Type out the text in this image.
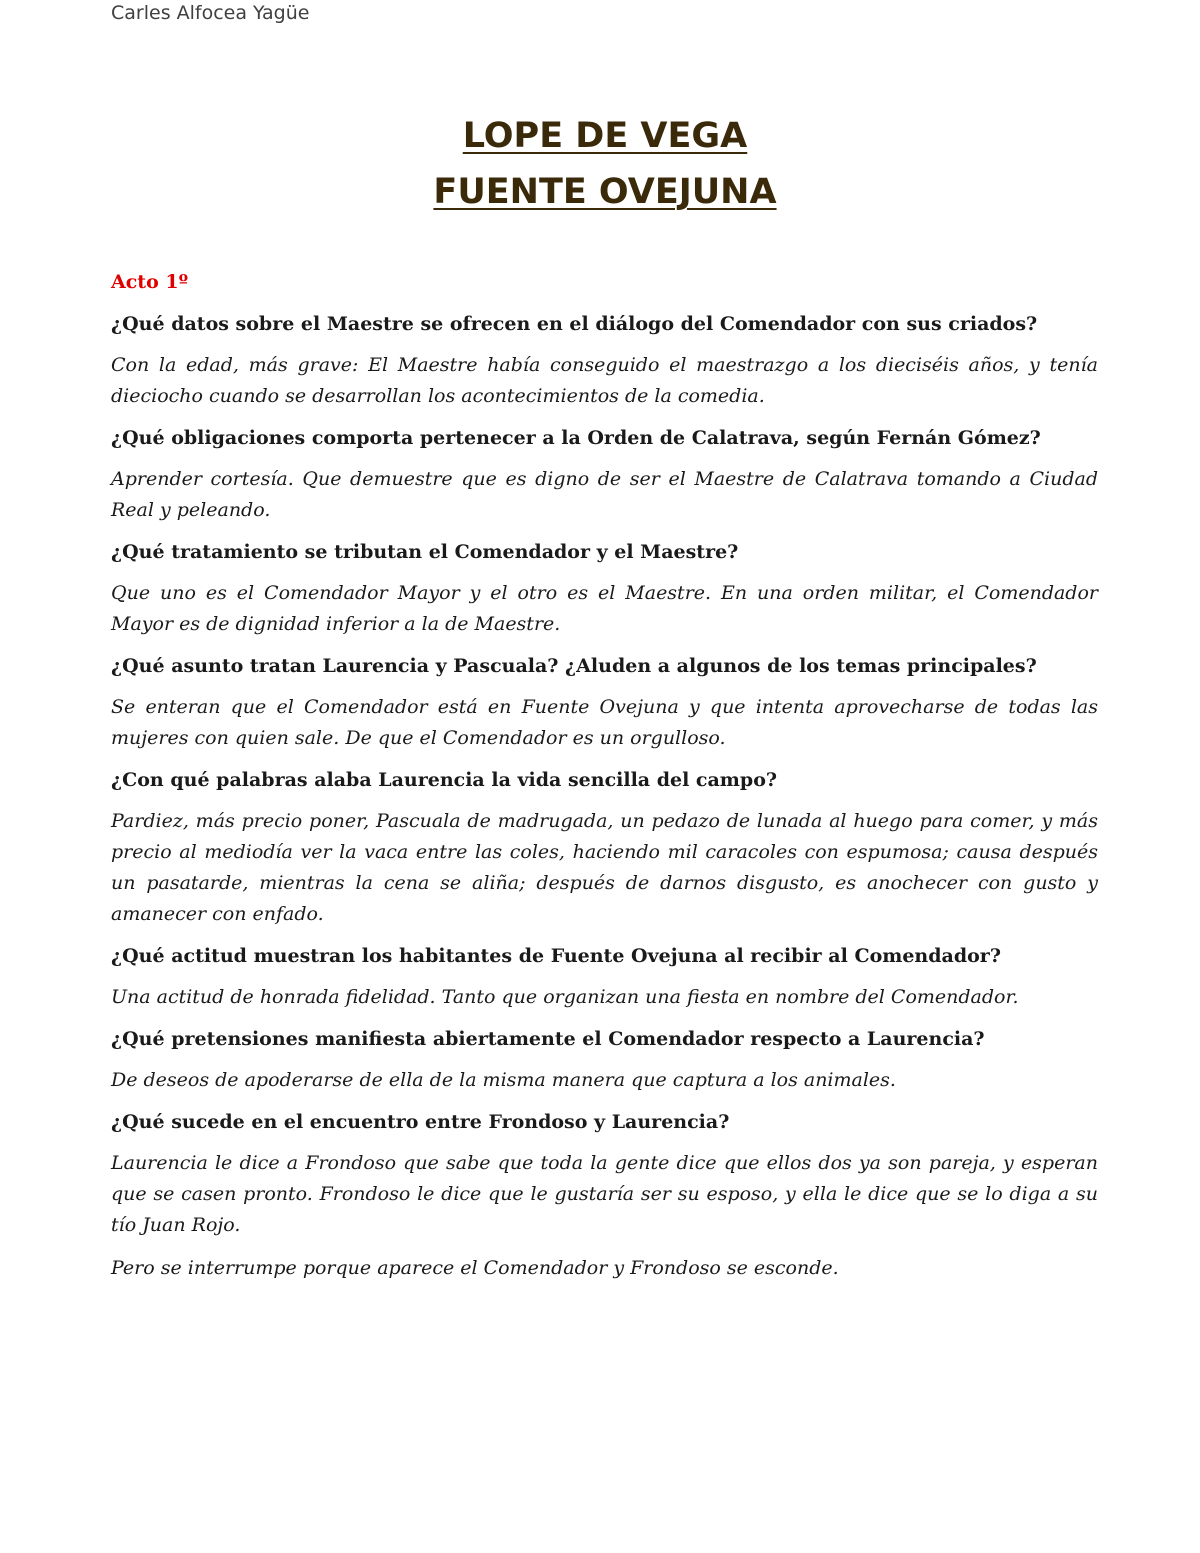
Carles Alfocea Yagüe
LOPE DE VEGA
FUENTE OVEJUNA

Acto 1º

¿Qué datos sobre el Maestre se ofrecen en el diálogo del Comendador con sus criados?

Con la edad, más grave: El Maestre había conseguido el maestrazgo a los dieciséis años, y tenía dieciocho cuando se desarrollan los acontecimientos de la comedia.

¿Qué obligaciones comporta pertenecer a la Orden de Calatrava, según Fernán Gómez?

Aprender cortesía. Que demuestre que es digno de ser el Maestre de Calatrava tomando a Ciudad Real y peleando.

¿Qué tratamiento se tributan el Comendador y el Maestre?

Que uno es el Comendador Mayor y el otro es el Maestre. En una orden militar, el Comendador Mayor es de dignidad inferior a la de Maestre.

¿Qué asunto tratan Laurencia y Pascuala? ¿Aluden a algunos de los temas principales?

Se enteran que el Comendador está en Fuente Ovejuna y que intenta aprovecharse de todas las mujeres con quien sale. De que el Comendador es un orgulloso.

¿Con qué palabras alaba Laurencia la vida sencilla del campo?

Pardiez, más precio poner, Pascuala de madrugada, un pedazo de lunada al huego para comer, y más precio al mediodía ver la vaca entre las coles, haciendo mil caracoles con espumosa; causa después un pasatarde, mientras la cena se aliña; después de darnos disgusto, es anochecer con gusto y amanecer con enfado.

¿Qué actitud muestran los habitantes de Fuente Ovejuna al recibir al Comendador?

Una actitud de honrada fidelidad. Tanto que organizan una fiesta en nombre del Comendador.

¿Qué pretensiones manifiesta abiertamente el Comendador respecto a Laurencia?

De deseos de apoderarse de ella de la misma manera que captura a los animales.

¿Qué sucede en el encuentro entre Frondoso y Laurencia?

Laurencia le dice a Frondoso que sabe que toda la gente dice que ellos dos ya son pareja, y esperan que se casen pronto. Frondoso le dice que le gustaría ser su esposo, y ella le dice que se lo diga a su tío Juan Rojo.

Pero se interrumpe porque aparece el Comendador y Frondoso se esconde.
